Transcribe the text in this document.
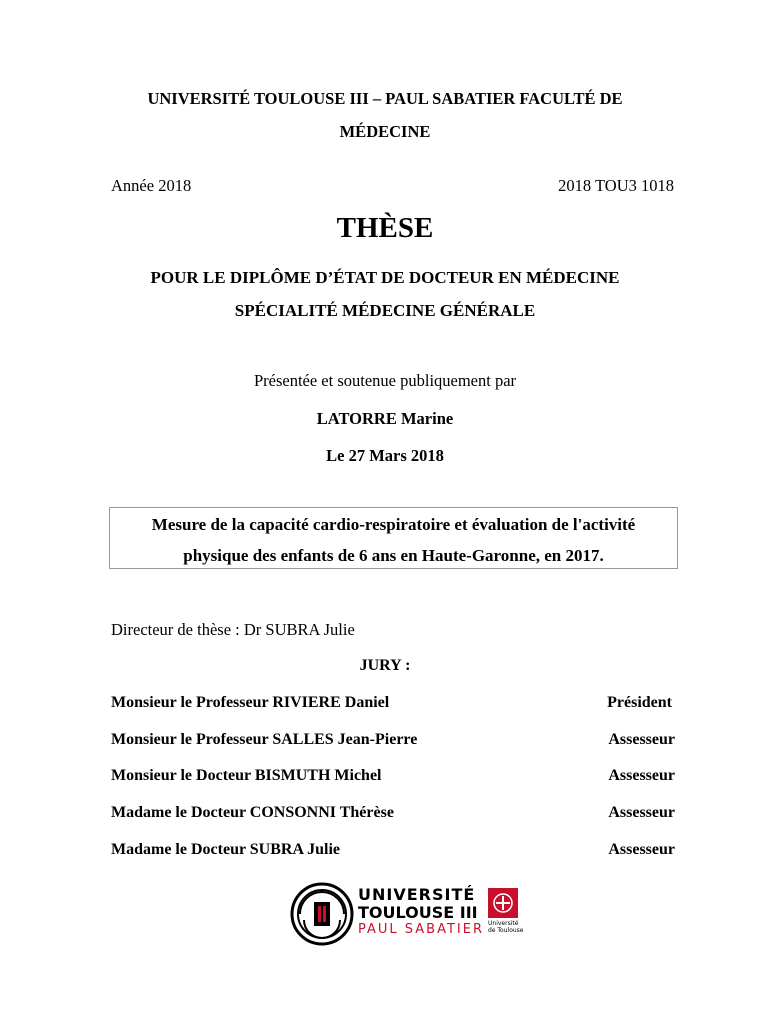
UNIVERSITÉ TOULOUSE III – PAUL SABATIER FACULTÉ DE
MÉDECINE
Année 2018	2018 TOU3 1018
THÈSE
POUR LE DIPLÔME D’ÉTAT DE DOCTEUR EN MÉDECINE
SPÉCIALITÉ MÉDECINE GÉNÉRALE
Présentée et soutenue publiquement par
LATORRE Marine
Le 27 Mars 2018
Mesure de la capacité cardio-respiratoire et évaluation de l'activité
physique des enfants de 6 ans en Haute-Garonne, en 2017.
Directeur de thèse : Dr SUBRA Julie
JURY :
Monsieur le Professeur RIVIERE Daniel	Président
Monsieur le Professeur SALLES Jean-Pierre	Assesseur
Monsieur le Docteur BISMUTH Michel	Assesseur
Madame le Docteur CONSONNI Thérèse	Assesseur
Madame le Docteur SUBRA Julie	Assesseur
UNIVERSITÉ
TOULOUSE III
PAUL SABATIER Université de Toulouse
